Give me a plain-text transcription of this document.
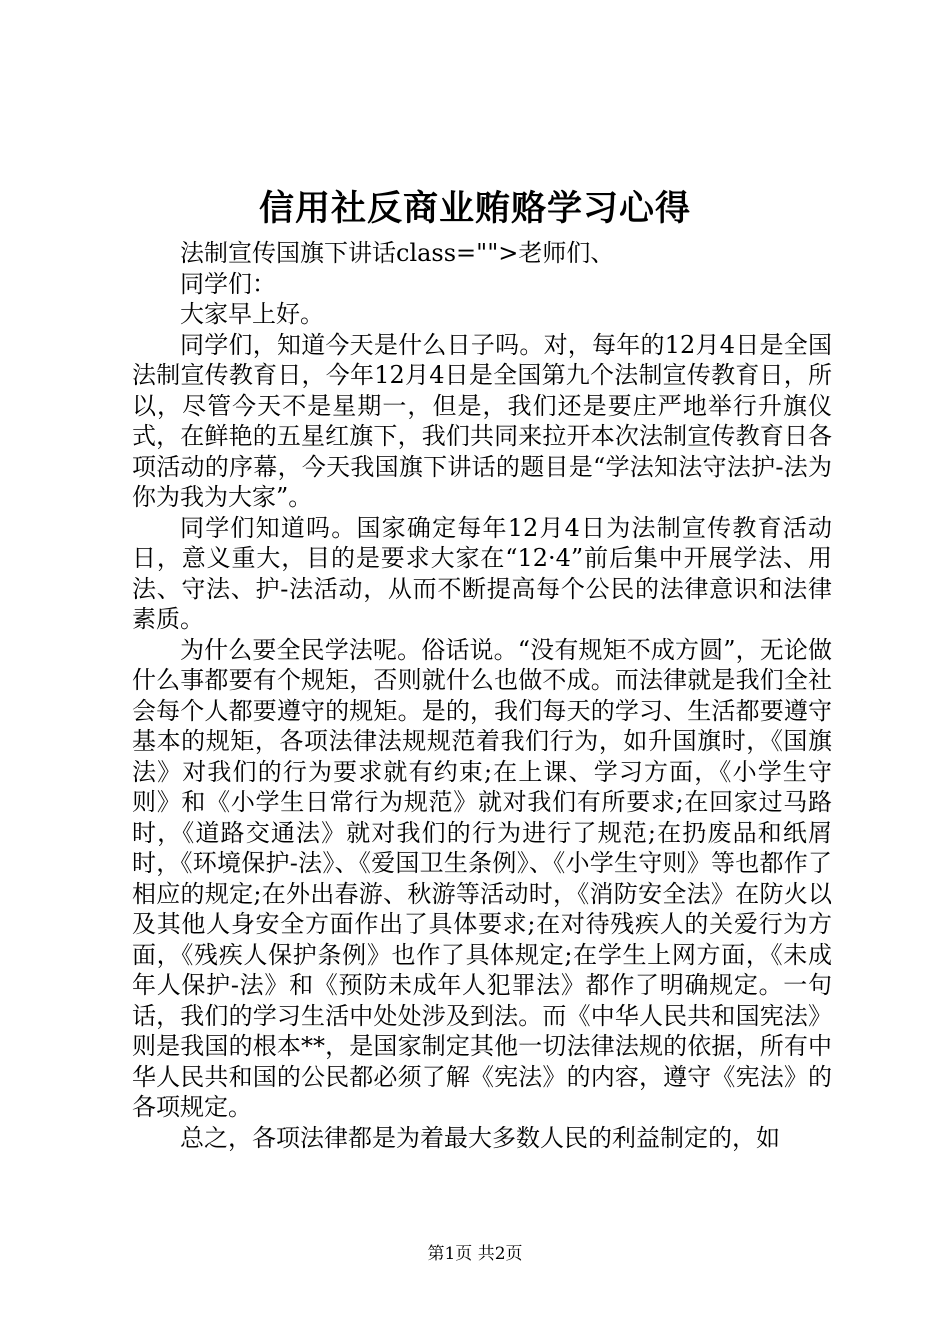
信用社反商业贿赂学习心得

法制宣传国旗下讲话class="">老师们、

同学们：

大家早上好。

同学们，知道今天是什么日子吗。对，每年的12月4日是全国法制宣传教育日，今年12月4日是全国第九个法制宣传教育日，所以，尽管今天不是星期一，但是，我们还是要庄严地举行升旗仪式，在鲜艳的五星红旗下，我们共同来拉开本次法制宣传教育日各项活动的序幕，今天我国旗下讲话的题目是“学法知法守法护-法为你为我为大家”。

同学们知道吗。国家确定每年12月4日为法制宣传教育活动日，意义重大，目的是要求大家在“12·4”前后集中开展学法、用法、守法、护-法活动，从而不断提高每个公民的法律意识和法律素质。

为什么要全民学法呢。俗话说。“没有规矩不成方圆”，无论做什么事都要有个规矩，否则就什么也做不成。而法律就是我们全社会每个人都要遵守的规矩。是的，我们每天的学习、生活都要遵守基本的规矩，各项法律法规规范着我们行为，如升国旗时，《国旗法》对我们的行为要求就有约束;在上课、学习方面，《小学生守则》和《小学生日常行为规范》就对我们有所要求;在回家过马路时，《道路交通法》就对我们的行为进行了规范;在扔废品和纸屑时，《环境保护-法》、《爱国卫生条例》、《小学生守则》等也都作了相应的规定;在外出春游、秋游等活动时，《消防安全法》在防火以及其他人身安全方面作出了具体要求;在对待残疾人的关爱行为方面，《残疾人保护条例》也作了具体规定;在学生上网方面，《未成年人保护-法》和《预防未成年人犯罪法》都作了明确规定。一句话，我们的学习生活中处处涉及到法。而《中华人民共和国宪法》则是我国的根本**，是国家制定其他一切法律法规的依据，所有中华人民共和国的公民都必须了解《宪法》的内容，遵守《宪法》的各项规定。

总之，各项法律都是为着最大多数人民的利益制定的，如

第1页 共2页
